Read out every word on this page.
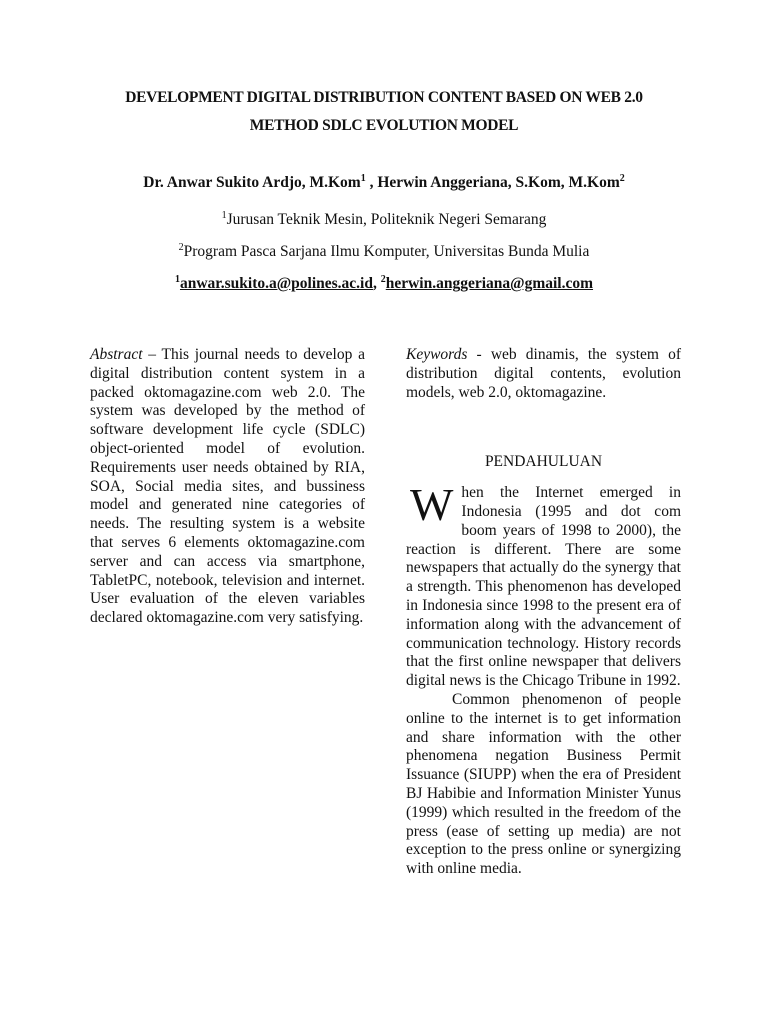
DEVELOPMENT DIGITAL DISTRIBUTION CONTENT BASED ON WEB 2.0
METHOD SDLC EVOLUTION MODEL
Dr. Anwar Sukito Ardjo, M.Kom$^1$ , Herwin Anggeriana, S.Kom, M.Kom$^2$
$^1$Jurusan Teknik Mesin, Politeknik Negeri Semarang
$^2$Program Pasca Sarjana Ilmu Komputer, Universitas Bunda Mulia
$^1$anwar.sukito.a@polines.ac.id, $^2$herwin.anggeriana@gmail.com

Abstract – This journal needs to develop a digital distribution content system in a packed oktomagazine.com web 2.0. The system was developed by the method of software development life cycle (SDLC) object-oriented model of evolution. Requirements user needs obtained by RIA, SOA, Social media sites, and bussiness model and generated nine categories of needs. The resulting system is a website that serves 6 elements oktomagazine.com server and can access via smartphone, TabletPC, notebook, television and internet. User evaluation of the eleven variables declared oktomagazine.com very satisfying.

Keywords - web dinamis, the system of distribution digital contents, evolution models, web 2.0, oktomagazine.

PENDAHULUAN

When the Internet emerged in Indonesia (1995 and dot com boom years of 1998 to 2000), the reaction is different. There are some newspapers that actually do the synergy that a strength. This phenomenon has developed in Indonesia since 1998 to the present era of information along with the advancement of communication technology. History records that the first online newspaper that delivers digital news is the Chicago Tribune in 1992.

Common phenomenon of people online to the internet is to get information and share information with the other phenomena negation Business Permit Issuance (SIUPP) when the era of President BJ Habibie and Information Minister Yunus (1999) which resulted in the freedom of the press (ease of setting up media) are not exception to the press online or synergizing with online media.
